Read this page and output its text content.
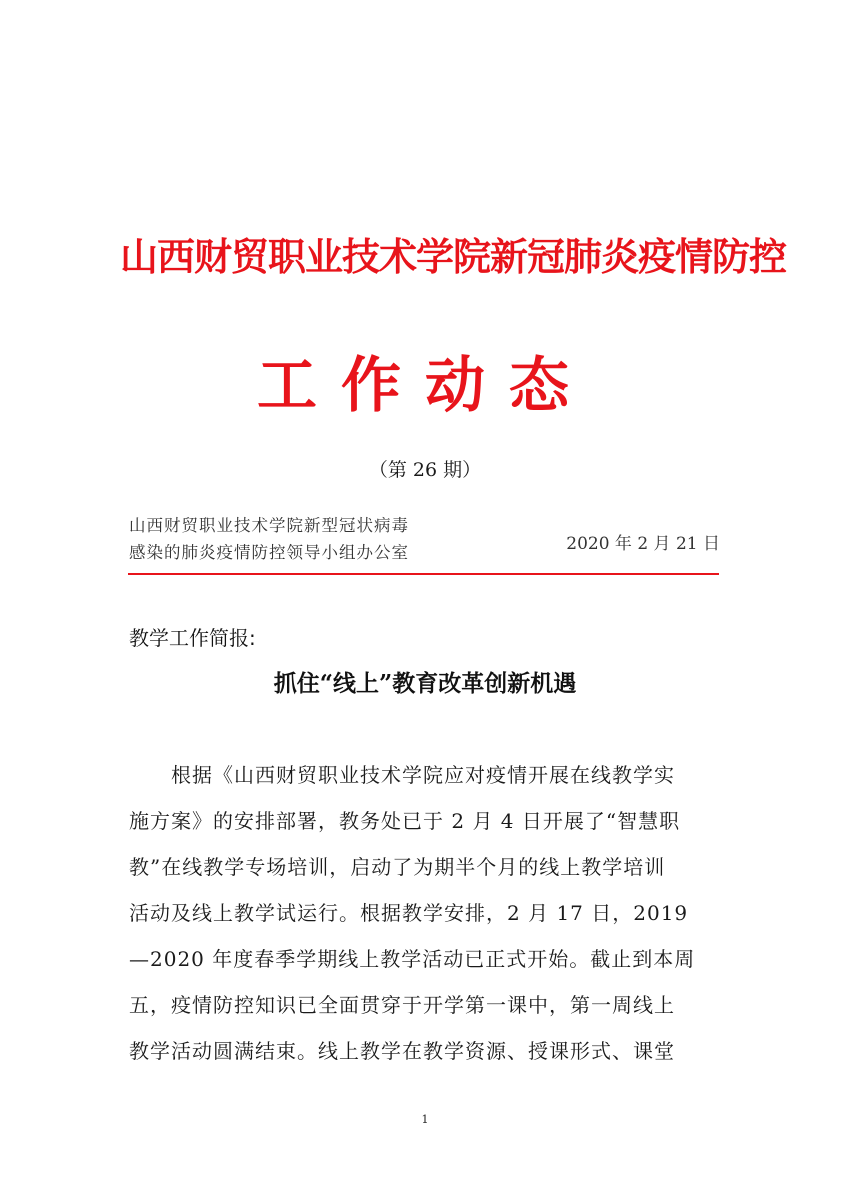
山西财贸职业技术学院新冠肺炎疫情防控
工作动态
（第 26 期）
山西财贸职业技术学院新型冠状病毒
感染的肺炎疫情防控领导小组办公室	2020 年 2 月 21 日
教学工作简报:
抓住“线上”教育改革创新机遇
根据《山西财贸职业技术学院应对疫情开展在线教学实
施方案》的安排部署，教务处已于 2 月 4 日开展了“智慧职
教”在线教学专场培训，启动了为期半个月的线上教学培训
活动及线上教学试运行。根据教学安排，2 月 17 日，2019
—2020 年度春季学期线上教学活动已正式开始。截止到本周
五，疫情防控知识已全面贯穿于开学第一课中，第一周线上
教学活动圆满结束。线上教学在教学资源、授课形式、课堂
1
